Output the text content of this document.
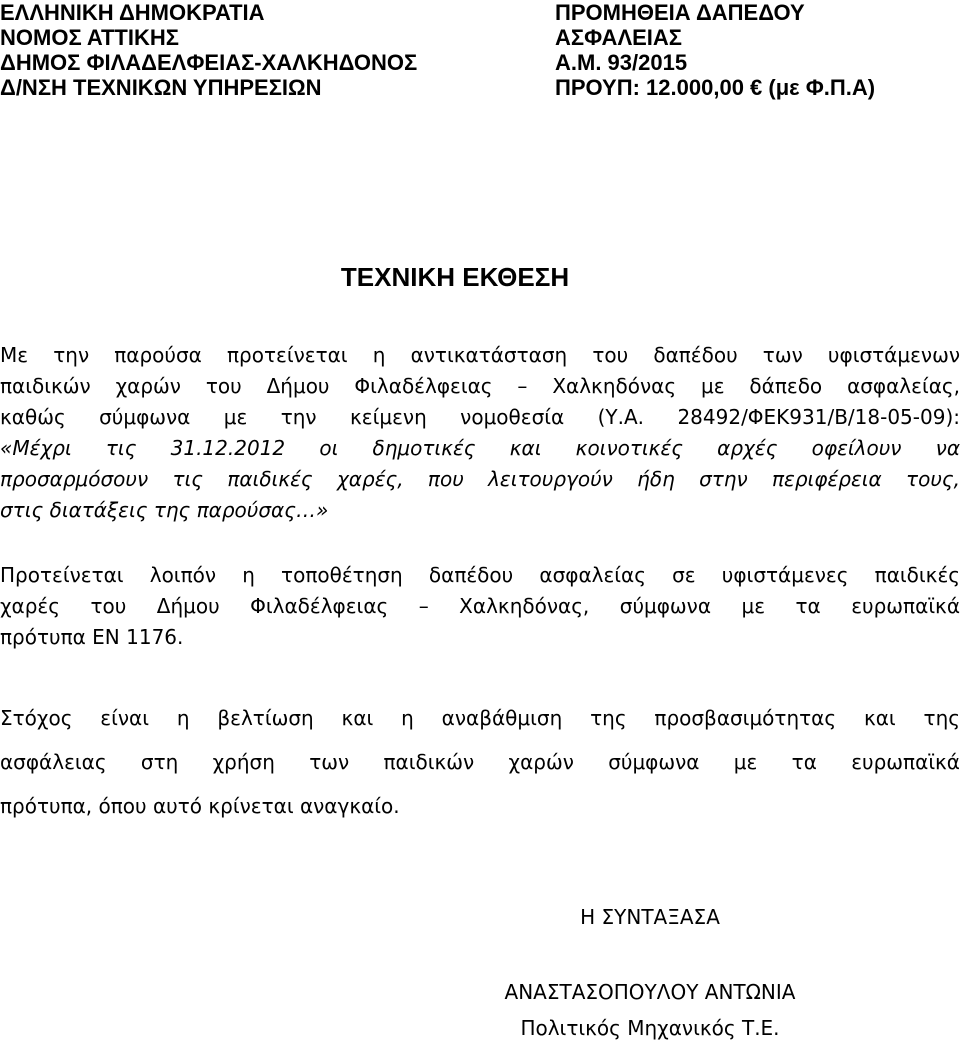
ΕΛΛΗΝΙΚΗ ΔΗΜΟΚΡΑΤΙΑ
ΝΟΜΟΣ ΑΤΤΙΚΗΣ
ΔΗΜΟΣ ΦΙΛΑΔΕΛΦΕΙΑΣ-ΧΑΛΚΗΔΟΝΟΣ
Δ/ΝΣΗ ΤΕΧΝΙΚΩΝ ΥΠΗΡΕΣΙΩΝ
ΠΡΟΜΗΘΕΙΑ ΔΑΠΕΔΟΥ
ΑΣΦΑΛΕΙΑΣ
Α.Μ. 93/2015
ΠΡΟΥΠ: 12.000,00 € (με Φ.Π.Α)
ΤΕΧΝΙΚΗ ΕΚΘΕΣΗ
Με την παρούσα προτείνεται η αντικατάσταση του δαπέδου των υφιστάμενων
παιδικών χαρών του Δήμου Φιλαδέλφειας – Χαλκηδόνας με δάπεδο ασφαλείας,
καθώς σύμφωνα με την κείμενη νομοθεσία (Υ.Α. 28492/ΦΕΚ931/Β/18-05-09):
«Μέχρι τις 31.12.2012 οι δημοτικές και κοινοτικές αρχές οφείλουν να
προσαρμόσουν τις παιδικές χαρές, που λειτουργούν ήδη στην περιφέρεια τους,
στις διατάξεις της παρούσας…»
Προτείνεται λοιπόν η τοποθέτηση δαπέδου ασφαλείας σε υφιστάμενες παιδικές
χαρές του Δήμου Φιλαδέλφειας – Χαλκηδόνας, σύμφωνα με τα ευρωπαϊκά
πρότυπα ΕΝ 1176.
Στόχος είναι η βελτίωση και η αναβάθμιση της προσβασιμότητας και της
ασφάλειας στη χρήση των παιδικών χαρών σύμφωνα με τα ευρωπαϊκά
πρότυπα, όπου αυτό κρίνεται αναγκαίο.
Η ΣΥΝΤΑΞΑΣΑ
ΑΝΑΣΤΑΣΟΠΟΥΛΟΥ ΑΝΤΩΝΙΑ
Πολιτικός Μηχανικός Τ.Ε.
